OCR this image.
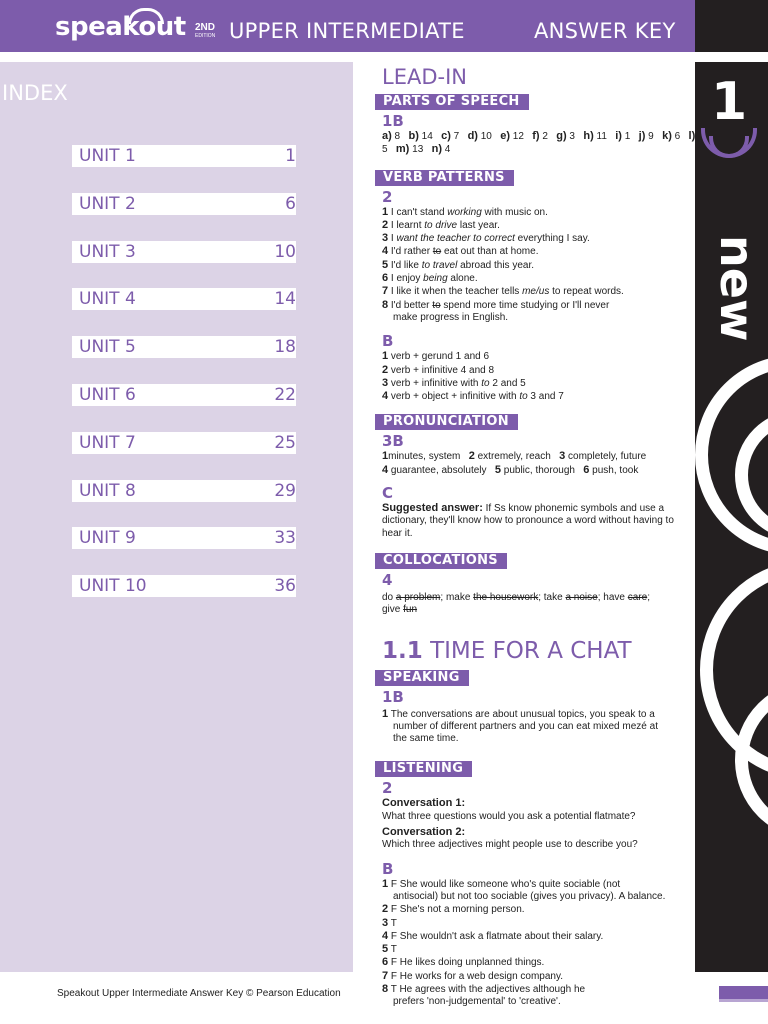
speakout 2ND
EDITION UPPER INTERMEDIATE	ANSWER KEY
1
new
INDEX
UNIT 1	1
UNIT 2	6
UNIT 3	10
UNIT 4	14
UNIT 5	18
UNIT 6	22
UNIT 7	25
UNIT 8	29
UNIT 9	33
UNIT 10	36
LEAD-IN
PARTS OF SPEECH
1B
a) 8   b) 14   c) 7   d) 10   e) 12   f) 2   g) 3   h) 11   i) 1   j) 9   k) 6   l) 5   m) 13   n) 4
VERB PATTERNS
2
1 I can't stand working with music on.
2 I learnt to drive last year.
3 I want the teacher to correct everything I say.
4 I'd rather to eat out than at home.
5 I'd like to travel abroad this year.
6 I enjoy being alone.
7 I like it when the teacher tells me/us to repeat words.
8 I'd better to spend more time studying or I'll never
make progress in English.
B
1 verb + gerund 1 and 6
2 verb + infinitive 4 and 8
3 verb + infinitive with to 2 and 5
4 verb + object + infinitive with to 3 and 7
PRONUNCIATION
3B
1minutes, system   2 extremely, reach   3 completely, future
4 guarantee, absolutely   5 public, thorough   6 push, took
C
Suggested answer: If Ss know phonemic symbols and use a dictionary, they'll know how to pronounce a word without having to hear it.
COLLOCATIONS
4
do a problem; make the housework; take a noise; have care; give fun
1.1 TIME FOR A CHAT
SPEAKING
1B
1 The conversations are about unusual topics, you speak to a
number of different partners and you can eat mixed mezé at
the same time.
LISTENING
2
Conversation 1:
What three questions would you ask a potential flatmate?
Conversation 2:
Which three adjectives might people use to describe you?
B
1 F She would like someone who's quite sociable (not
antisocial) but not too sociable (gives you privacy). A balance.
2 F She's not a morning person.
3 T
4 F She wouldn't ask a flatmate about their salary.
5 T
6 F He likes doing unplanned things.
7 F He works for a web design company.
8 T He agrees with the adjectives although he
prefers 'non-judgemental' to 'creative'.
Speakout Upper Intermediate Answer Key © Pearson Education
